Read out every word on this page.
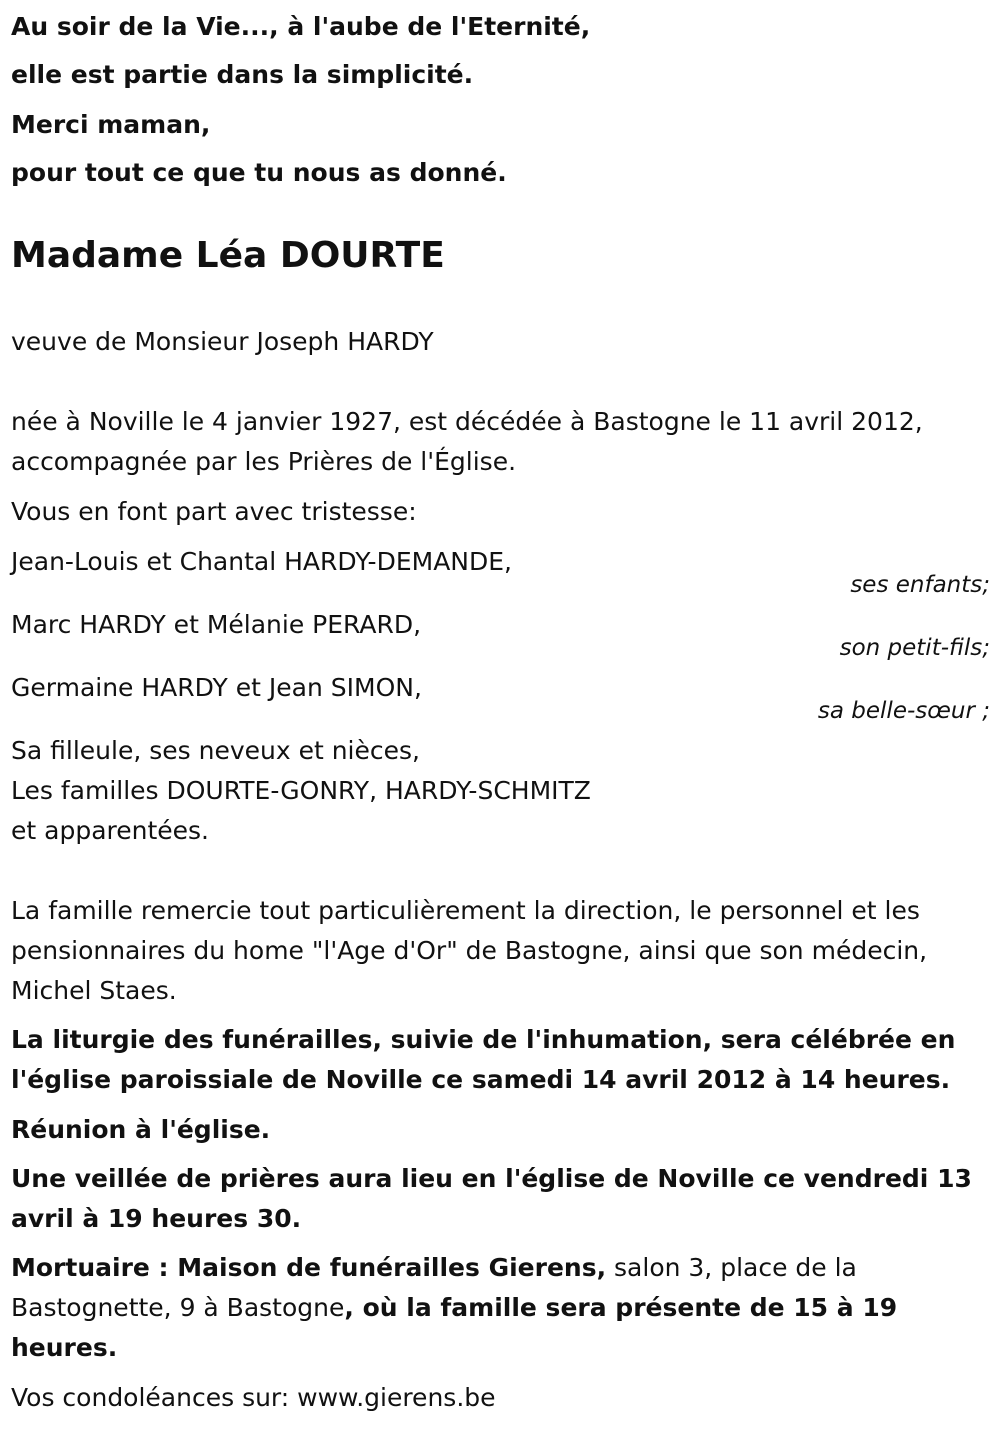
Au soir de la Vie..., à l'aube de l'Eternité,

elle est partie dans la simplicité.

Merci maman,

pour tout ce que tu nous as donné.

Madame Léa DOURTE

veuve de Monsieur Joseph HARDY

née à Noville le 4 janvier 1927, est décédée à Bastogne le 11 avril 2012,

accompagnée par les Prières de l'Église.

Vous en font part avec tristesse:

Jean-Louis et Chantal HARDY-DEMANDE,

ses enfants;

Marc HARDY et Mélanie PERARD,

son petit-fils;

Germaine HARDY et Jean SIMON,

sa belle-sœur ;

Sa filleule, ses neveux et nièces,

Les familles DOURTE-GONRY, HARDY-SCHMITZ

et apparentées.

La famille remercie tout particulièrement la direction, le personnel et les

pensionnaires du home "l'Age d'Or" de Bastogne, ainsi que son médecin,

Michel Staes.

La liturgie des funérailles, suivie de l'inhumation, sera célébrée en

l'église paroissiale de Noville ce samedi 14 avril 2012 à 14 heures.

Réunion à l'église.

Une veillée de prières aura lieu en l'église de Noville ce vendredi 13

avril à 19 heures 30.

Mortuaire : Maison de funérailles Gierens, salon 3, place de la

Bastognette, 9 à Bastogne, où la famille sera présente de 15 à 19

heures.

Vos condoléances sur: www.gierens.be
